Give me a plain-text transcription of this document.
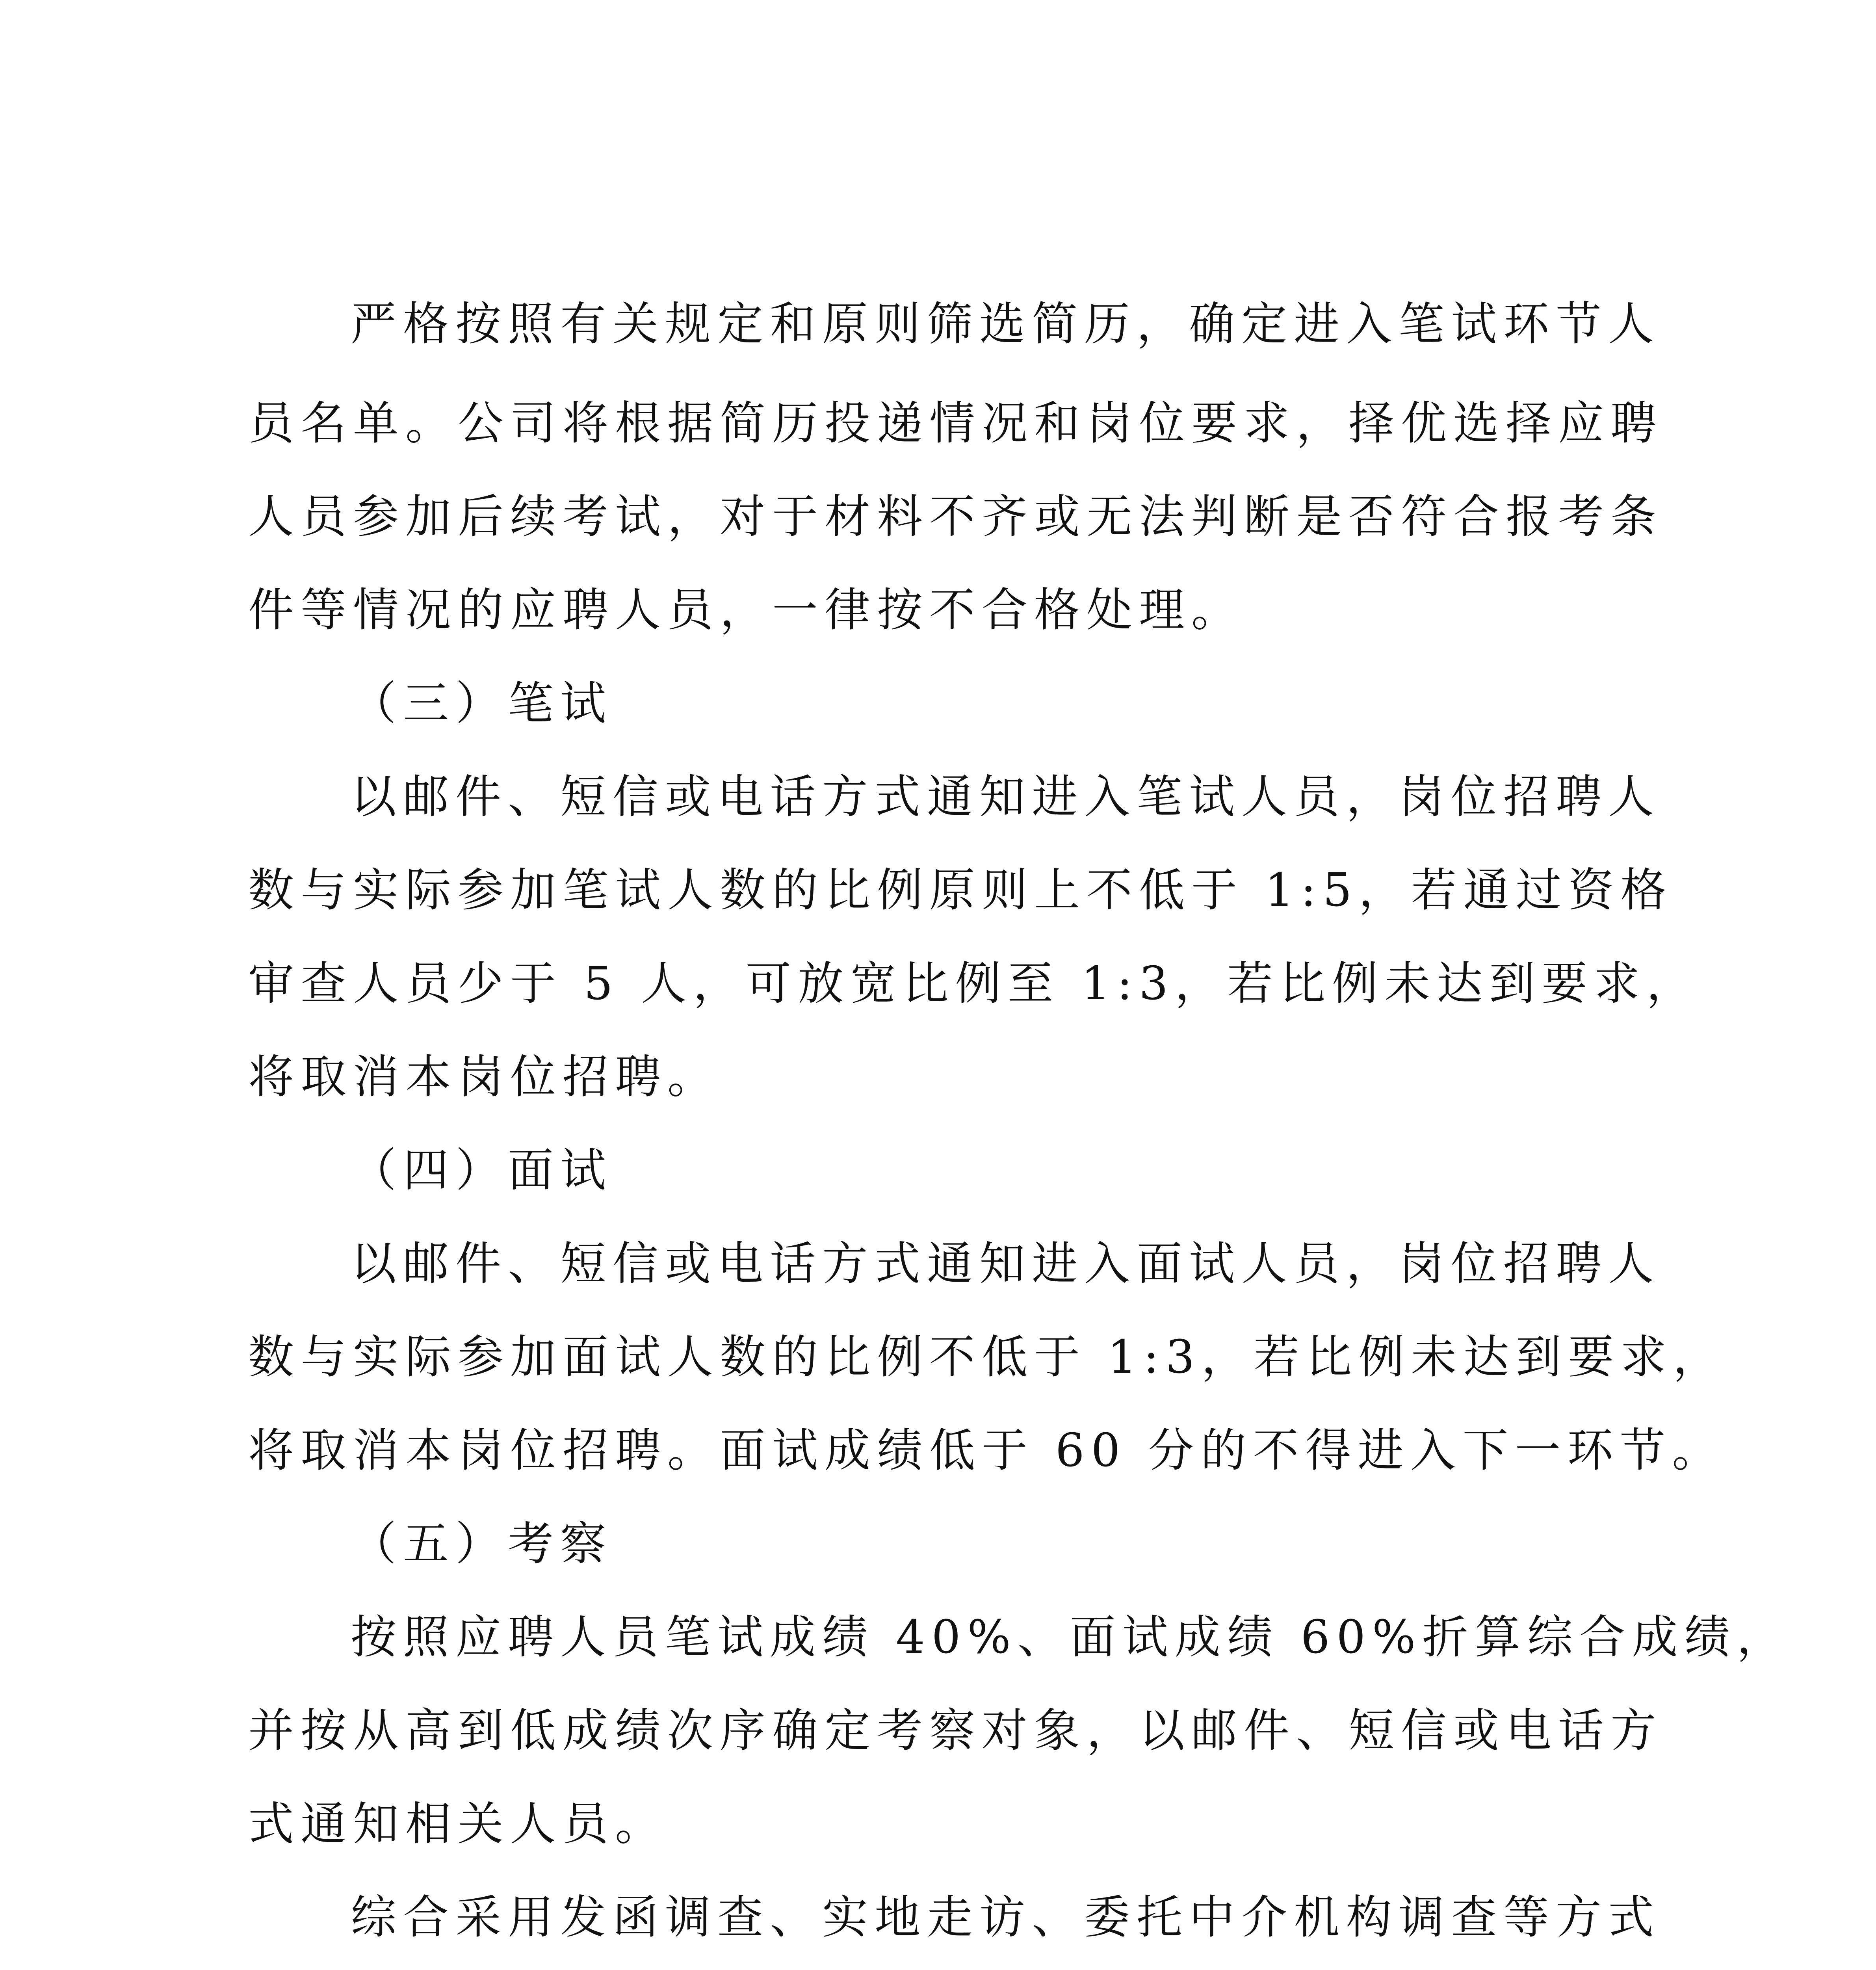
严格按照有关规定和原则筛选简历，确定进入笔试环节人

员名单。公司将根据简历投递情况和岗位要求，择优选择应聘

人员参加后续考试，对于材料不齐或无法判断是否符合报考条

件等情况的应聘人员，一律按不合格处理。

（三）笔试

以邮件、短信或电话方式通知进入笔试人员，岗位招聘人

数与实际参加笔试人数的比例原则上不低于 1:5，若通过资格

审查人员少于 5 人，可放宽比例至 1:3，若比例未达到要求，

将取消本岗位招聘。

（四）面试

以邮件、短信或电话方式通知进入面试人员，岗位招聘人

数与实际参加面试人数的比例不低于 1:3，若比例未达到要求，

将取消本岗位招聘。面试成绩低于 60 分的不得进入下一环节。

（五）考察

按照应聘人员笔试成绩 40%、面试成绩 60%折算综合成绩，

并按从高到低成绩次序确定考察对象，以邮件、短信或电话方

式通知相关人员。

综合采用发函调查、实地走访、委托中介机构调查等方式
